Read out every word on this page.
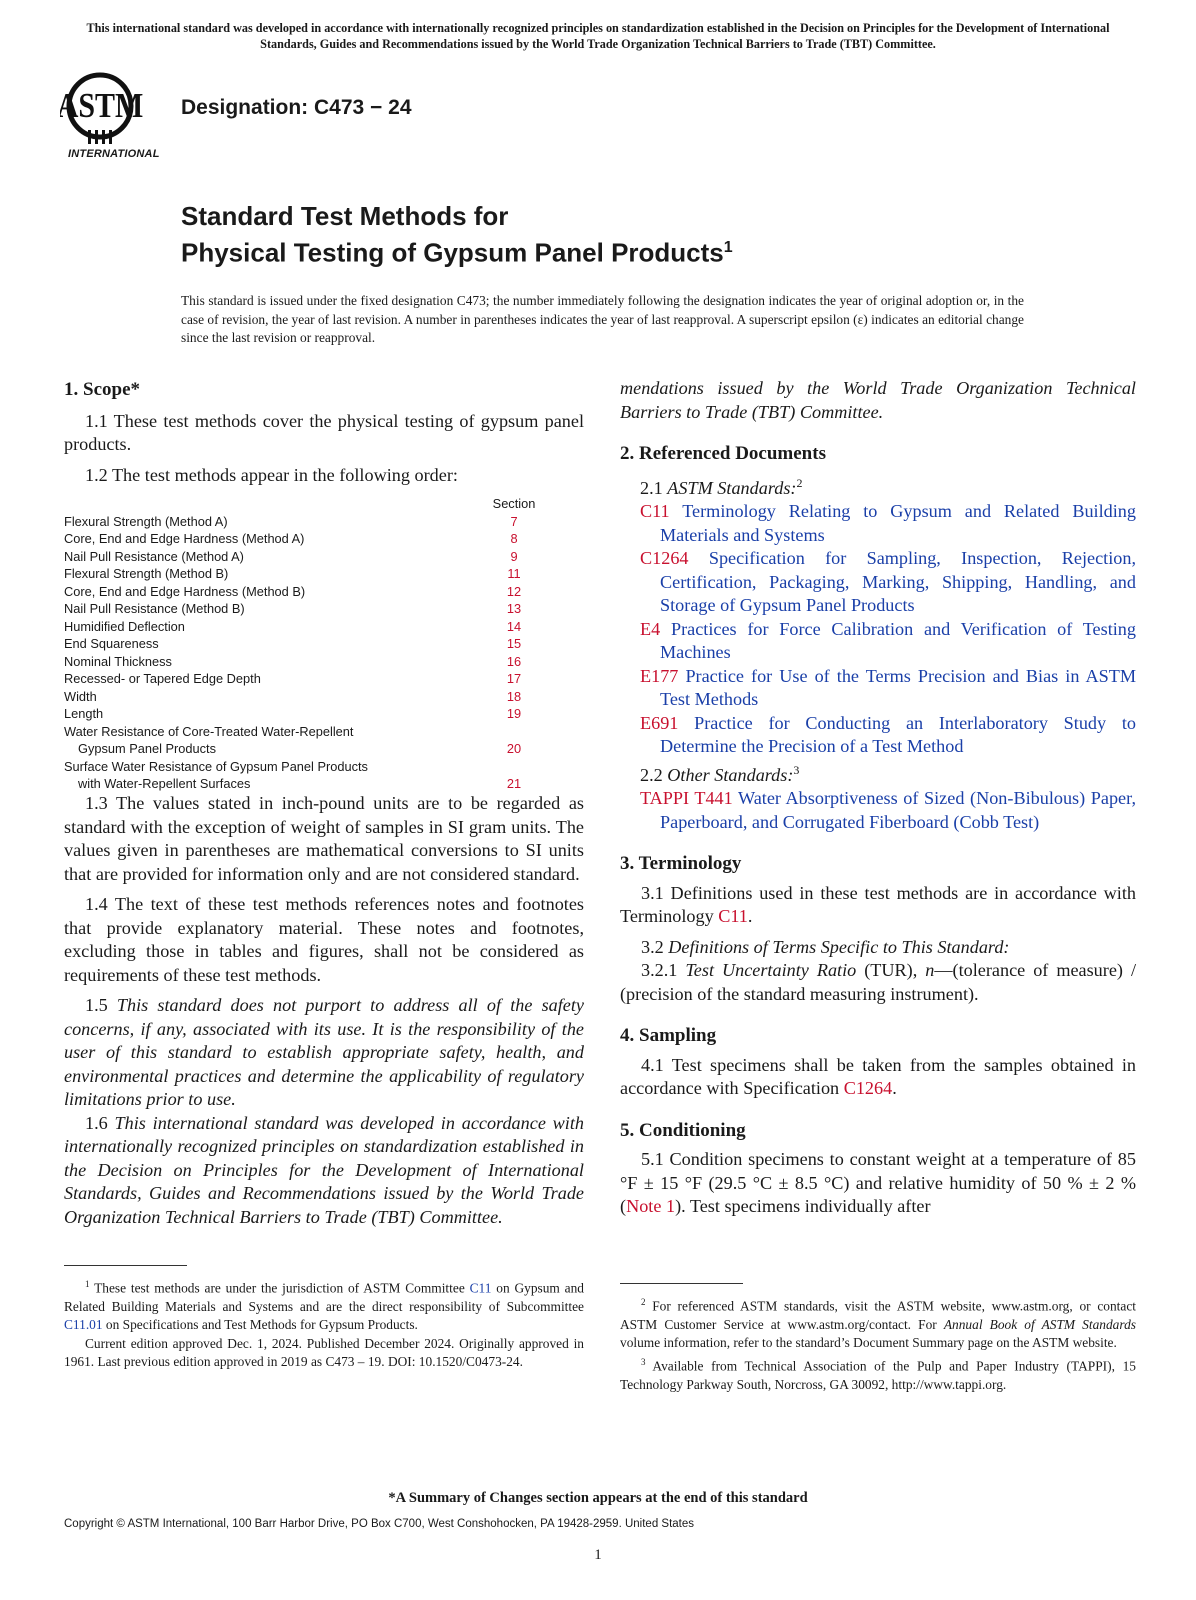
This international standard was developed in accordance with internationally recognized principles on standardization established in the Decision on Principles for the Development of International Standards, Guides and Recommendations issued by the World Trade Organization Technical Barriers to Trade (TBT) Committee.
ASTM
INTERNATIONAL
Designation: C473 − 24
Standard Test Methods for
Physical Testing of Gypsum Panel Products$^1$
This standard is issued under the fixed designation C473; the number immediately following the designation indicates the year of original adoption or, in the case of revision, the year of last revision. A number in parentheses indicates the year of last reapproval. A superscript epsilon (ε) indicates an editorial change since the last revision or reapproval.
1. Scope*

1.1 These test methods cover the physical testing of gypsum panel products.

1.2 The test methods appear in the following order:

Section
Flexural Strength (Method A)	7
Core, End and Edge Hardness (Method A)	8
Nail Pull Resistance (Method A)	9
Flexural Strength (Method B)	11
Core, End and Edge Hardness (Method B)	12
Nail Pull Resistance (Method B)	13
Humidified Deflection	14
End Squareness	15
Nominal Thickness	16
Recessed- or Tapered Edge Depth	17
Width	18
Length	19
Water Resistance of Core-Treated Water-Repellent
Gypsum Panel Products	20
Surface Water Resistance of Gypsum Panel Products
with Water-Repellent Surfaces	21

1.3 The values stated in inch-pound units are to be regarded as standard with the exception of weight of samples in SI gram units. The values given in parentheses are mathematical conversions to SI units that are provided for information only and are not considered standard.

1.4 The text of these test methods references notes and footnotes that provide explanatory material. These notes and footnotes, excluding those in tables and figures, shall not be considered as requirements of these test methods.

1.5 This standard does not purport to address all of the safety concerns, if any, associated with its use. It is the responsibility of the user of this standard to establish appropriate safety, health, and environmental practices and determine the applicability of regulatory limitations prior to use.

1.6 This international standard was developed in accordance with internationally recognized principles on standardization established in the Decision on Principles for the Development of International Standards, Guides and Recommendations issued by the World Trade Organization Technical Barriers to Trade (TBT) Committee.

mendations issued by the World Trade Organization Technical Barriers to Trade (TBT) Committee.

2. Referenced Documents

2.1 ASTM Standards:$^2$

C11 Terminology Relating to Gypsum and Related Building Materials and Systems

C1264 Specification for Sampling, Inspection, Rejection, Certification, Packaging, Marking, Shipping, Handling, and Storage of Gypsum Panel Products

E4 Practices for Force Calibration and Verification of Testing Machines

E177 Practice for Use of the Terms Precision and Bias in ASTM Test Methods

E691 Practice for Conducting an Interlaboratory Study to Determine the Precision of a Test Method

2.2 Other Standards:$^3$

TAPPI T441 Water Absorptiveness of Sized (Non-Bibulous) Paper, Paperboard, and Corrugated Fiberboard (Cobb Test)

3. Terminology

3.1 Definitions used in these test methods are in accordance with Terminology C11.

3.2 Definitions of Terms Specific to This Standard:

3.2.1 Test Uncertainty Ratio (TUR), n—(tolerance of measure) / (precision of the standard measuring instrument).

4. Sampling

4.1 Test specimens shall be taken from the samples obtained in accordance with Specification C1264.

5. Conditioning

5.1 Condition specimens to constant weight at a temperature of 85 °F ± 15 °F (29.5 °C ± 8.5 °C) and relative humidity of 50 % ± 2 % (Note 1). Test specimens individually after

$^1$ These test methods are under the jurisdiction of ASTM Committee C11 on Gypsum and Related Building Materials and Systems and are the direct responsibility of Subcommittee C11.01 on Specifications and Test Methods for Gypsum Products.

Current edition approved Dec. 1, 2024. Published December 2024. Originally approved in 1961. Last previous edition approved in 2019 as C473 – 19. DOI: 10.1520/C0473-24.

$^2$ For referenced ASTM standards, visit the ASTM website, www.astm.org, or contact ASTM Customer Service at www.astm.org/contact. For Annual Book of ASTM Standards volume information, refer to the standard’s Document Summary page on the ASTM website.

$^3$ Available from Technical Association of the Pulp and Paper Industry (TAPPI), 15 Technology Parkway South, Norcross, GA 30092, http://www.tappi.org.

*A Summary of Changes section appears at the end of this standard
Copyright © ASTM International, 100 Barr Harbor Drive, PO Box C700, West Conshohocken, PA 19428-2959. United States
1
